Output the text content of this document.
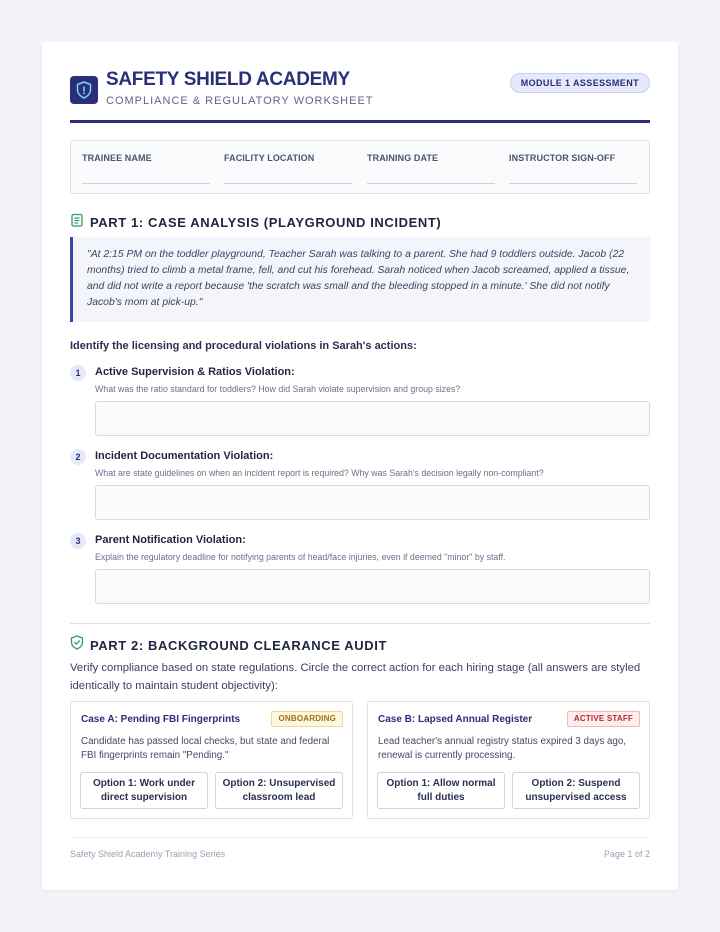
SAFETY SHIELD ACADEMY
COMPLIANCE & REGULATORY WORKSHEET
MODULE 1 ASSESSMENT
TRAINEE NAME	FACILITY LOCATION	TRAINING DATE	INSTRUCTOR SIGN-OFF
PART 1: CASE ANALYSIS (PLAYGROUND INCIDENT)
"At 2:15 PM on the toddler playground, Teacher Sarah was talking to a parent. She had 9 toddlers outside. Jacob (22 months) tried to climb a metal frame, fell, and cut his forehead. Sarah noticed when Jacob screamed, applied a tissue, and did not write a report because 'the scratch was small and the bleeding stopped in a minute.' She did not notify Jacob's mom at pick-up."
Identify the licensing and procedural violations in Sarah's actions:
1	Active Supervision & Ratios Violation:
What was the ratio standard for toddlers? How did Sarah violate supervision and group sizes?
2	Incident Documentation Violation:
What are state guidelines on when an incident report is required? Why was Sarah's decision legally non-compliant?
3	Parent Notification Violation:
Explain the regulatory deadline for notifying parents of head/face injuries, even if deemed "minor" by staff.
PART 2: BACKGROUND CLEARANCE AUDIT
Verify compliance based on state regulations. Circle the correct action for each hiring stage (all answers are styled identically to maintain student objectivity):
Case A: Pending FBI Fingerprints	ONBOARDING
Candidate has passed local checks, but state and federal FBI fingerprints remain "Pending."
Option 1: Work under direct supervision
Option 2: Unsupervised classroom lead
Case B: Lapsed Annual Register	ACTIVE STAFF
Lead teacher's annual registry status expired 3 days ago, renewal is currently processing.
Option 1: Allow normal full duties
Option 2: Suspend unsupervised access
Safety Shield Academy Training Series	Page 1 of 2
